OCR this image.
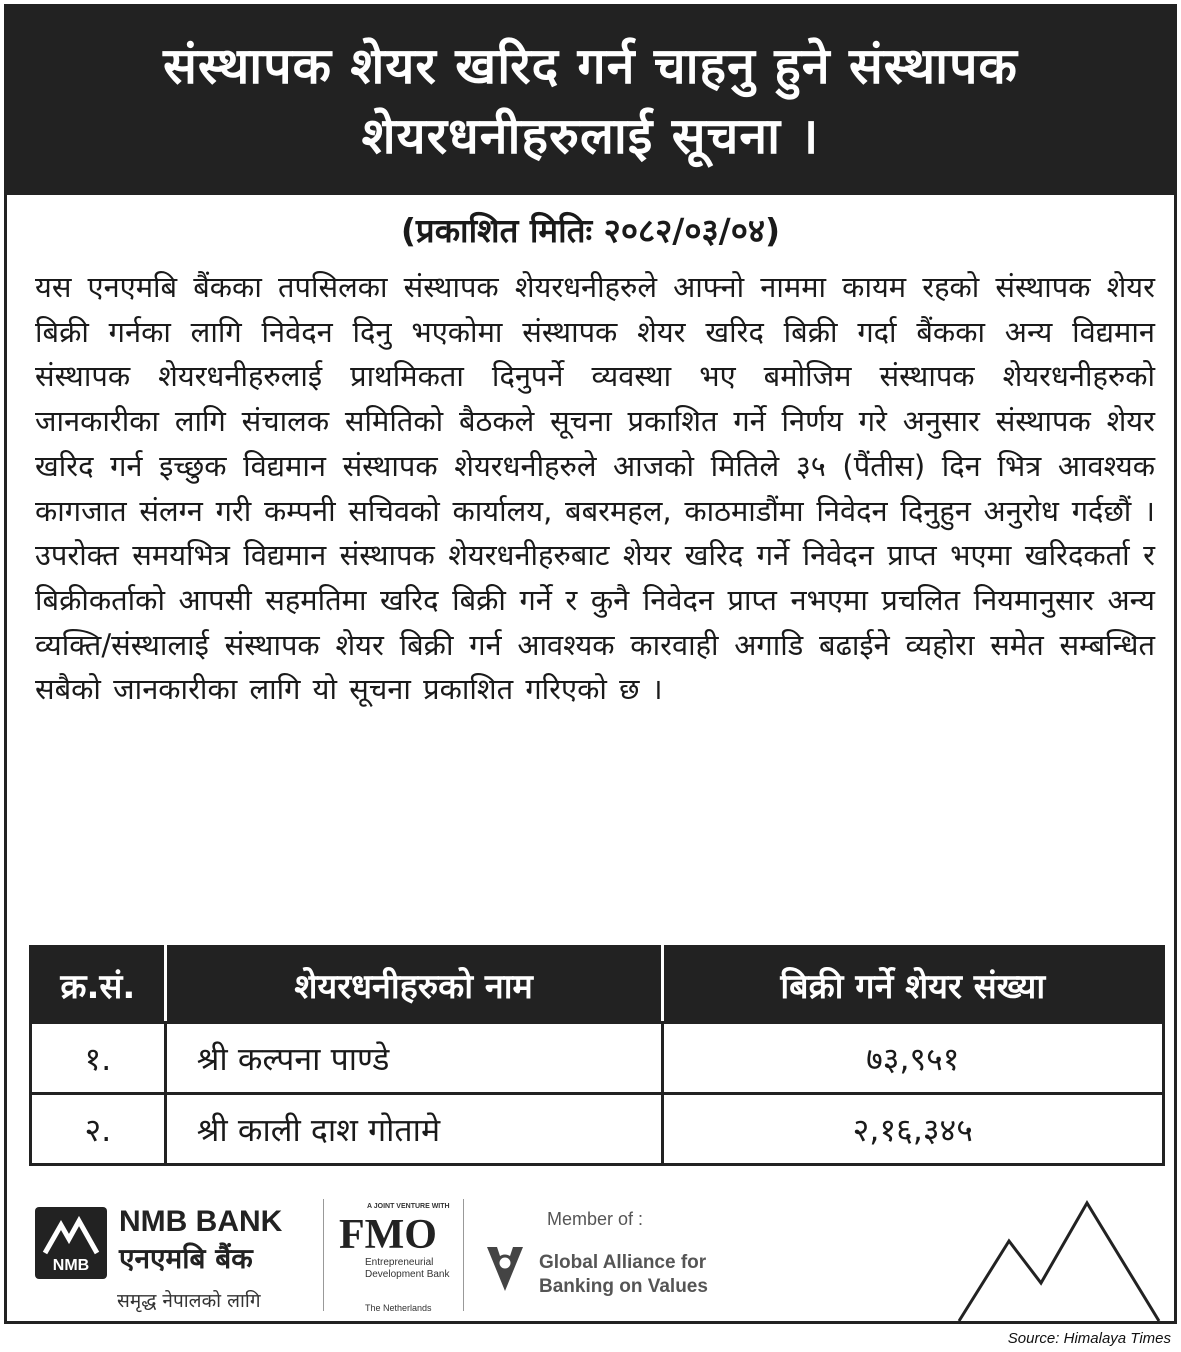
संस्थापक शेयर खरिद गर्न चाहनु हुने संस्थापक
शेयरधनीहरुलाई सूचना ।
(प्रकाशित मितिः २०८२/०३/०४)

यस एनएमबि बैंकका तपसिलका संस्थापक शेयरधनीहरुले आफ्नो नाममा कायम रहको संस्थापक शेयर बिक्री गर्नका लागि निवेदन दिनु भएकोमा संस्थापक शेयर खरिद बिक्री गर्दा बैंकका अन्य विद्यमान संस्थापक शेयरधनीहरुलाई प्राथमिकता दिनुपर्ने व्यवस्था भए बमोजिम संस्थापक शेयरधनीहरुको जानकारीका लागि संचालक समितिको बैठकले सूचना प्रकाशित गर्ने निर्णय गरे अनुसार संस्थापक शेयर खरिद गर्न इच्छुक विद्यमान संस्थापक शेयरधनीहरुले आजको मितिले ३५ (पैंतीस) दिन भित्र आवश्यक कागजात संलग्न गरी कम्पनी सचिवको कार्यालय, बबरमहल, काठमाडौंमा निवेदन दिनुहुन अनुरोध गर्दछौं । उपरोक्त समयभित्र विद्यमान संस्थापक शेयरधनीहरुबाट शेयर खरिद गर्ने निवेदन प्राप्त भएमा खरिदकर्ता र बिक्रीकर्ताको आपसी सहमतिमा खरिद बिक्री गर्ने र कुनै निवेदन प्राप्त नभएमा प्रचलित नियमानुसार अन्य व्यक्ति/संस्थालाई संस्थापक शेयर बिक्री गर्न आवश्यक कारवाही अगाडि बढाईने व्यहोरा समेत सम्बन्धित सबैको जानकारीका लागि यो सूचना प्रकाशित गरिएको छ ।

क्र.सं.	शेयरधनीहरुको नाम	बिक्री गर्ने शेयर संख्या
१.	श्री कल्पना पाण्डे	७३,९५१
२.	श्री काली दाश गोतामे	२,१६,३४५
NMB
NMB BANK
एनएमबि बैंक
समृद्ध नेपालको लागि
A JOINT VENTURE WITH
FMO
Entrepreneurial Development Bank
The Netherlands
Member of :
Global Alliance for Banking on Values
Source: Himalaya Times
